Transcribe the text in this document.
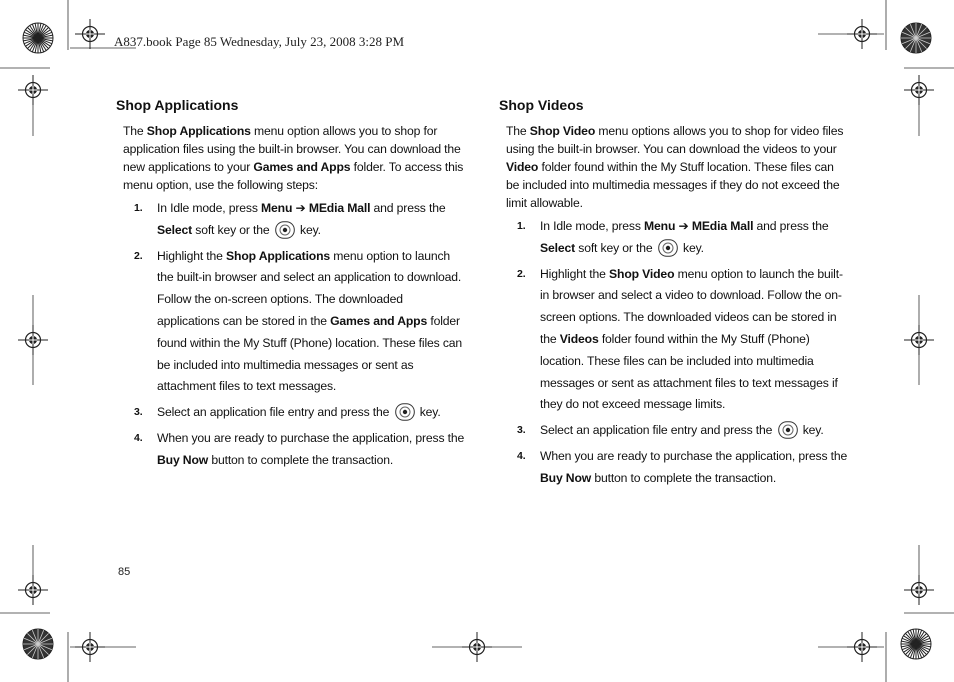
A837.book Page 85 Wednesday, July 23, 2008 3:28 PM
Shop Applications

The Shop Applications menu option allows you to shop for application files using the built-in browser. You can download the new applications to your Games and Apps folder. To access this menu option, use the following steps:

1. In Idle mode, press Menu ➔ MEdia Mall and press the Select soft key or the  key.
2. Highlight the Shop Applications menu option to launch the built-in browser and select an application to download. Follow the on-screen options. The downloaded applications can be stored in the Games and Apps folder found within the My Stuff (Phone) location. These files can be included into multimedia messages or sent as attachment files to text messages.
3. Select an application file entry and press the  key.
4. When you are ready to purchase the application, press the Buy Now button to complete the transaction.
Shop Videos

The Shop Video menu options allows you to shop for video files using the built-in browser. You can download the videos to your Video folder found within the My Stuff location. These files can be included into multimedia messages if they do not exceed the limit allowable.

1. In Idle mode, press Menu ➔ MEdia Mall and press the Select soft key or the  key.
2. Highlight the Shop Video menu option to launch the built-in browser and select a video to download. Follow the on-screen options. The downloaded videos can be stored in the Videos folder found within the My Stuff (Phone) location. These files can be included into multimedia messages or sent as attachment files to text messages if they do not exceed message limits.
3. Select an application file entry and press the  key.
4. When you are ready to purchase the application, press the Buy Now button to complete the transaction.
85
